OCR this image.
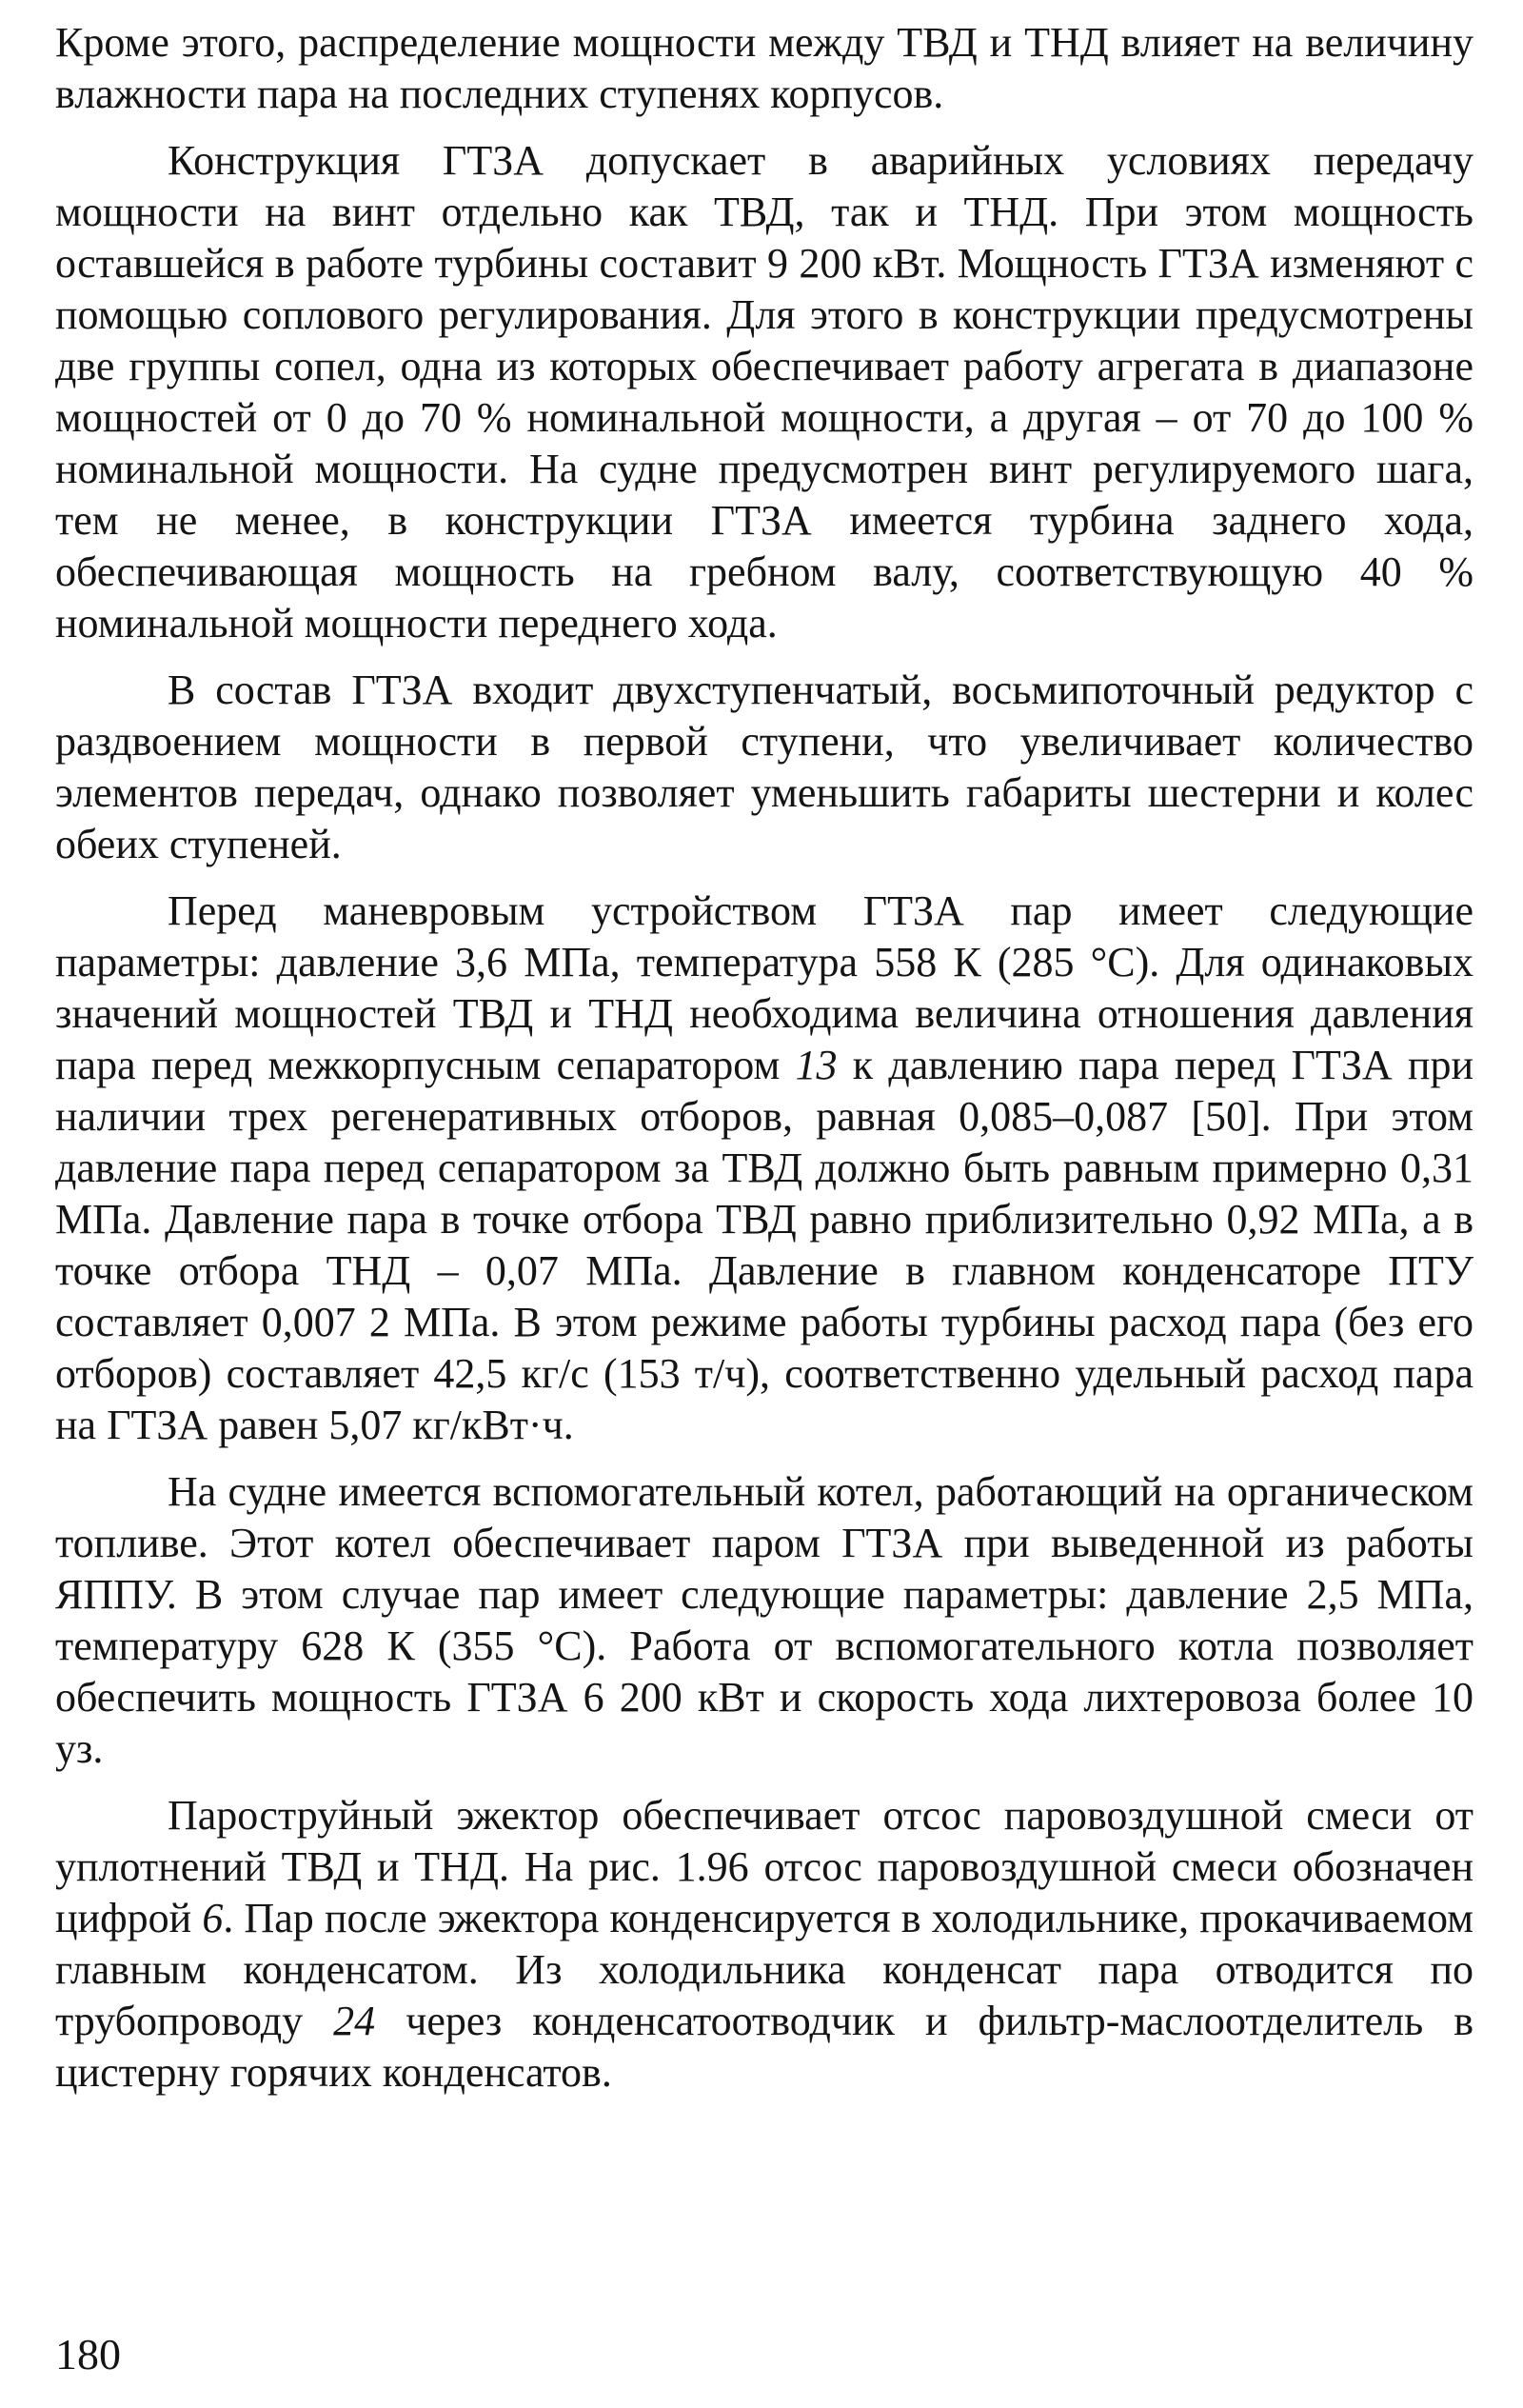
Кроме этого, распределение мощности между ТВД и ТНД влияет на величину влажности пара на последних ступенях корпусов.

Конструкция ГТЗА допускает в аварийных условиях передачу мощности на винт отдельно как ТВД, так и ТНД. При этом мощность оставшейся в работе турбины составит 9 200 кВт. Мощность ГТЗА изменяют с помощью соплового регулирования. Для этого в конструкции предусмотрены две группы сопел, одна из которых обеспечивает работу агрегата в диапазоне мощностей от 0 до 70 % номинальной мощности, а другая – от 70 до 100 % номинальной мощности. На судне предусмотрен винт регулируемого шага, тем не менее, в конструкции ГТЗА имеется турбина заднего хода, обеспечивающая мощность на гребном валу, соответствующую 40 % номинальной мощности переднего хода.

В состав ГТЗА входит двухступенчатый, восьмипоточный редуктор с раздвоением мощности в первой ступени, что увеличивает количество элементов передач, однако позволяет уменьшить габариты шестерни и колес обеих ступеней.

Перед маневровым устройством ГТЗА пар имеет следующие параметры: давление 3,6 МПа, температура 558 К (285 °С). Для одинаковых значений мощностей ТВД и ТНД необходима величина отношения давления пара перед межкорпусным сепаратором 13 к давлению пара перед ГТЗА при наличии трех регенеративных отборов, равная 0,085–0,087 [50]. При этом давление пара перед сепаратором за ТВД должно быть равным примерно 0,31 МПа. Давление пара в точке отбора ТВД равно приблизительно 0,92 МПа, а в точке отбора ТНД – 0,07 МПа. Давление в главном конденсаторе ПТУ составляет 0,007 2 МПа. В этом режиме работы турбины расход пара (без его отборов) составляет 42,5 кг/с (153 т/ч), соответственно удельный расход пара на ГТЗА равен 5,07 кг/кВт·ч.

На судне имеется вспомогательный котел, работающий на органическом топливе. Этот котел обеспечивает паром ГТЗА при выведенной из работы ЯППУ. В этом случае пар имеет следующие параметры: давление 2,5 МПа, температуру 628 К (355 °С). Работа от вспомогательного котла позволяет обеспечить мощность ГТЗА 6 200 кВт и скорость хода лихтеровоза более 10 уз.

Пароструйный эжектор обеспечивает отсос паровоздушной смеси от уплотнений ТВД и ТНД. На рис. 1.96 отсос паровоздушной смеси обозначен цифрой 6. Пар после эжектора конденсируется в холодильнике, прокачиваемом главным конденсатом. Из холодильника конденсат пара отводится по трубопроводу 24 через конденсатоотводчик и фильтр-маслоотделитель в цистерну горячих конденсатов.

180
